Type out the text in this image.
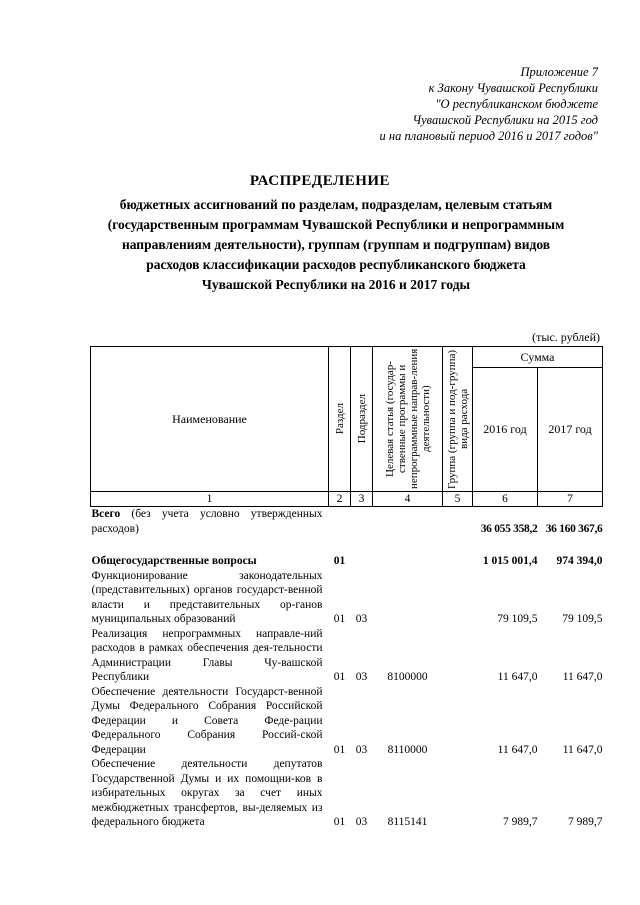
Приложение 7
к Закону Чувашской Республики
"О республиканском бюджете
Чувашской Республики на 2015 год
и на плановый период 2016 и 2017 годов"
РАСПРЕДЕЛЕНИЕ
бюджетных ассигнований по разделам, подразделам, целевым статьям
(государственным программам Чувашской Республики и непрограммным
направлениям деятельности), группам (группам и подгруппам) видов
расходов классификации расходов республиканского бюджета
Чувашской Республики на 2016 и 2017 годы
(тыс. рублей)
Наименование	Раздел	Подраздел	Целевая статья (государ-ственные программы и непрограммные направ-ления деятельности)	Группа (группа и под-группа) вида расхода	Сумма	
					2016 год	2017 год
1	2	3	4	5	6	7
Всего (без учета условно утвержденных расходов)					36 055 358,2	36 160 367,6

Общегосударственные вопросы	01				1 015 001,4	974 394,0
Функционирование законодательных (представительных) органов государст-венной власти и представительных ор-ганов муниципальных образований	01	03			79 109,5	79 109,5
Реализация непрограммных направле-ний расходов в рамках обеспечения дея-тельности Администрации Главы Чу-вашской Республики	01	03	8100000		11 647,0	11 647,0
Обеспечение деятельности Государст-венной Думы Федерального Собрания Российской Федерации и Совета Феде-рации Федерального Собрания Россий-ской Федерации	01	03	8110000		11 647,0	11 647,0
Обеспечение деятельности депутатов Государственной Думы и их помощни-ков в избирательных округах за счет иных межбюджетных трансфертов, вы-деляемых из федерального бюджета	01	03	8115141		7 989,7	7 989,7
